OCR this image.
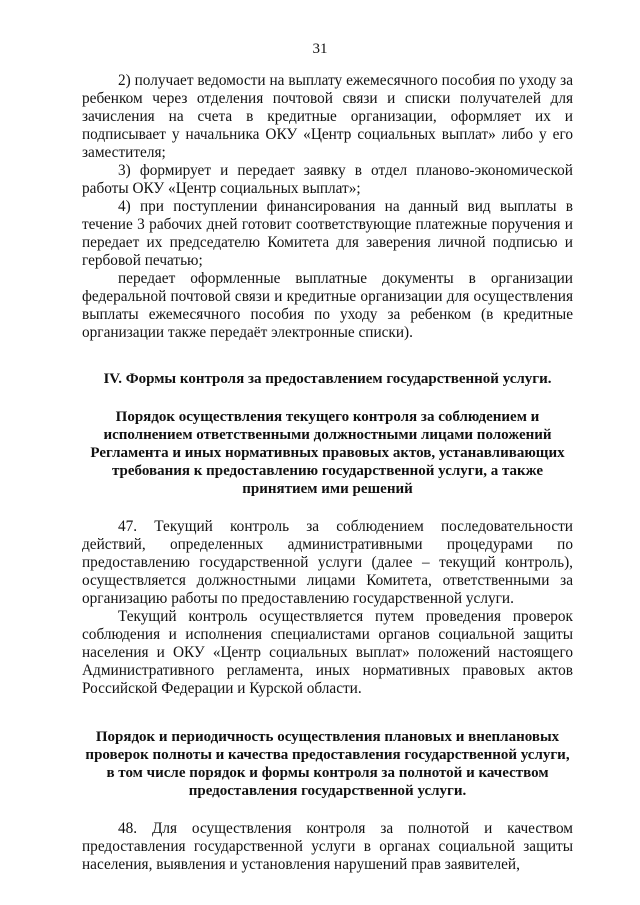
31

2) получает ведомости на выплату ежемесячного пособия по уходу за ребенком через отделения почтовой связи и списки получателей для зачисления на счета в кредитные организации, оформляет их и подписывает у начальника ОКУ «Центр социальных выплат» либо у его заместителя;

3) формирует и передает заявку в отдел планово-экономической работы ОКУ «Центр социальных выплат»;

4) при поступлении финансирования на данный вид выплаты в течение 3 рабочих дней готовит соответствующие платежные поручения и передает их председателю Комитета для заверения личной подписью и гербовой печатью;

передает оформленные выплатные документы в организации федеральной почтовой связи и кредитные организации для осуществления выплаты ежемесячного пособия по уходу за ребенком (в кредитные организации также передаёт электронные списки).

IV. Формы контроля за предоставлением государственной услуги.
Порядок осуществления текущего контроля за соблюдением и исполнением ответственными должностными лицами положений Регламента и иных нормативных правовых актов, устанавливающих требования к предоставлению государственной услуги, а также принятием ими решений

47. Текущий контроль за соблюдением последовательности действий, определенных административными процедурами по предоставлению государственной услуги (далее – текущий контроль), осуществляется должностными лицами Комитета, ответственными за организацию работы по предоставлению государственной услуги.

Текущий контроль осуществляется путем проведения проверок соблюдения и исполнения специалистами органов социальной защиты населения и ОКУ «Центр социальных выплат» положений настоящего Административного регламента, иных нормативных правовых актов Российской Федерации и Курской области.

Порядок и периодичность осуществления плановых и внеплановых проверок полноты и качества предоставления государственной услуги, в том числе порядок и формы контроля за полнотой и качеством предоставления государственной услуги.

48. Для осуществления контроля за полнотой и качеством предоставления государственной услуги в органах социальной защиты населения, выявления и установления нарушений прав заявителей,
